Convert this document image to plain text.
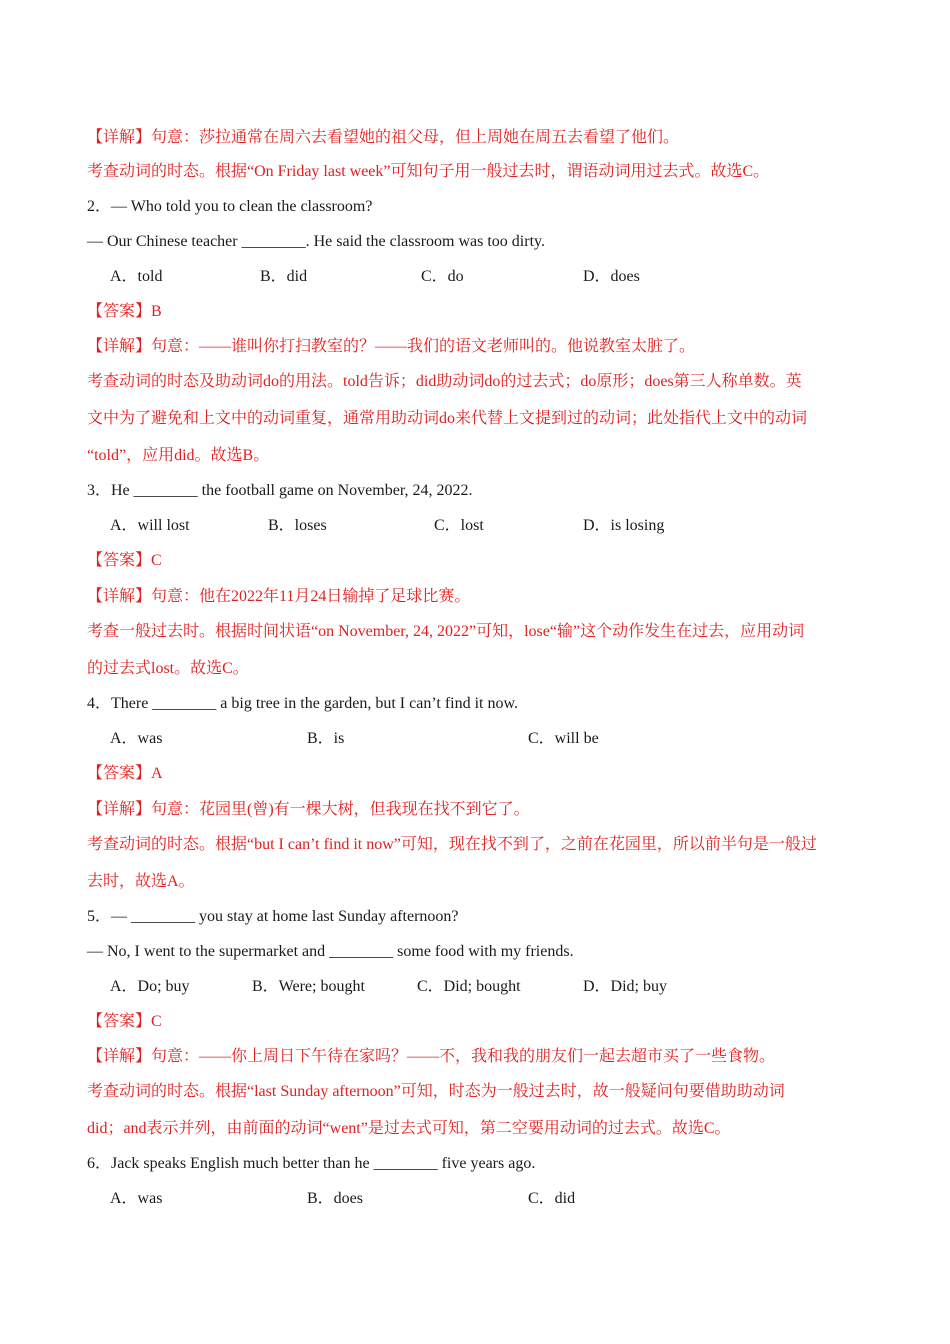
【详解】句意：莎拉通常在周六去看望她的祖父母，但上周她在周五去看望了他们。
考查动词的时态。根据“On Friday last week”可知句子用一般过去时，谓语动词用过去式。故选C。
2．— Who told you to clean the classroom?
— Our Chinese teacher ________. He said the classroom was too dirty.
A．told	B．did	C．do	D．does
【答案】B
【详解】句意：——谁叫你打扫教室的？——我们的语文老师叫的。他说教室太脏了。
考查动词的时态及助动词do的用法。told告诉；did助动词do的过去式；do原形；does第三人称单数。英
文中为了避免和上文中的动词重复，通常用助动词do来代替上文提到过的动词；此处指代上文中的动词
“told”，应用did。故选B。
3．He ________ the football game on November, 24, 2022.
A．will lost	B．loses	C．lost	D．is losing
【答案】C
【详解】句意：他在2022年11月24日输掉了足球比赛。
考查一般过去时。根据时间状语“on November, 24, 2022”可知，lose“输”这个动作发生在过去，应用动词
的过去式lost。故选C。
4．There ________ a big tree in the garden, but I can’t find it now.
A．was	B．is	C．will be
【答案】A
【详解】句意：花园里(曾)有一棵大树，但我现在找不到它了。
考查动词的时态。根据“but I can’t find it now”可知，现在找不到了，之前在花园里，所以前半句是一般过
去时，故选A。
5．— ________ you stay at home last Sunday afternoon?
— No, I went to the supermarket and ________ some food with my friends.
A．Do; buy	B．Were; bought	C．Did; bought	D．Did; buy
【答案】C
【详解】句意：——你上周日下午待在家吗？——不，我和我的朋友们一起去超市买了一些食物。
考查动词的时态。根据“last Sunday afternoon”可知，时态为一般过去时，故一般疑问句要借助助动词
did；and表示并列，由前面的动词“went”是过去式可知，第二空要用动词的过去式。故选C。
6．Jack speaks English much better than he ________ five years ago.
A．was	B．does	C．did
